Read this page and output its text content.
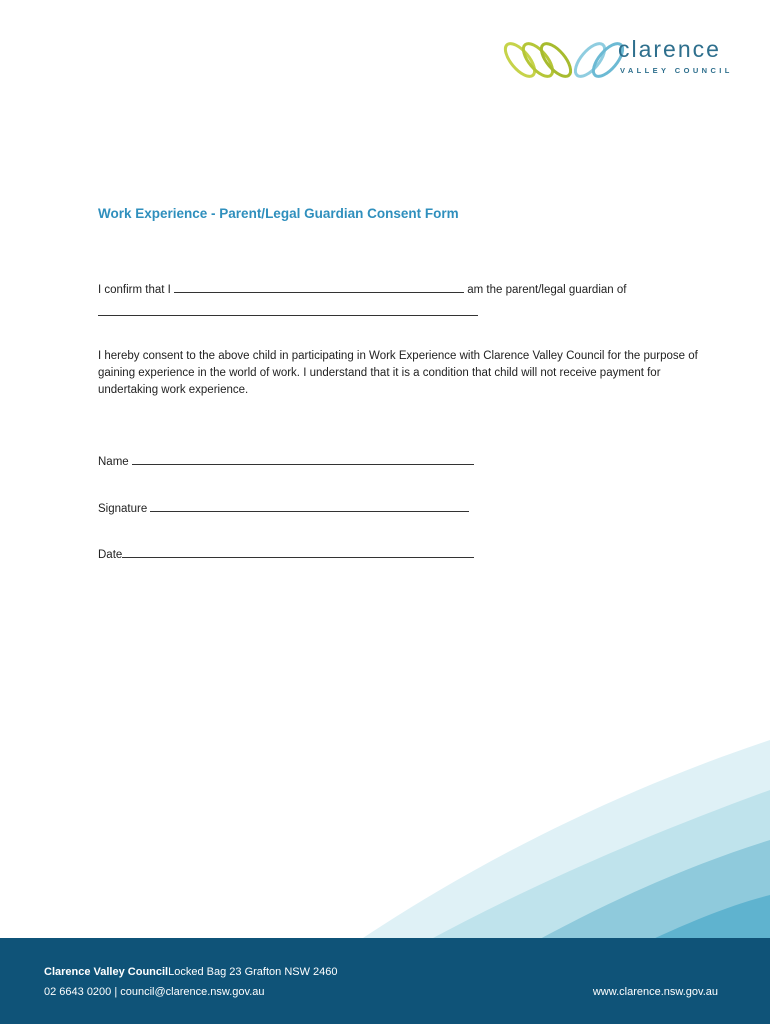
clarence
VALLEY COUNCIL
Work Experience - Parent/Legal Guardian Consent Form
I confirm that I	am the parent/legal guardian of
I hereby consent to the above child in participating in Work Experience with Clarence Valley Council for the purpose of gaining experience in the world of work. I understand that it is a condition that child will not receive payment for undertaking work experience.
Name
Signature
Date
Clarence Valley CouncilLocked Bag 23 Grafton NSW 2460
02 6643 0200 | council@clarence.nsw.gov.au	www.clarence.nsw.gov.au
